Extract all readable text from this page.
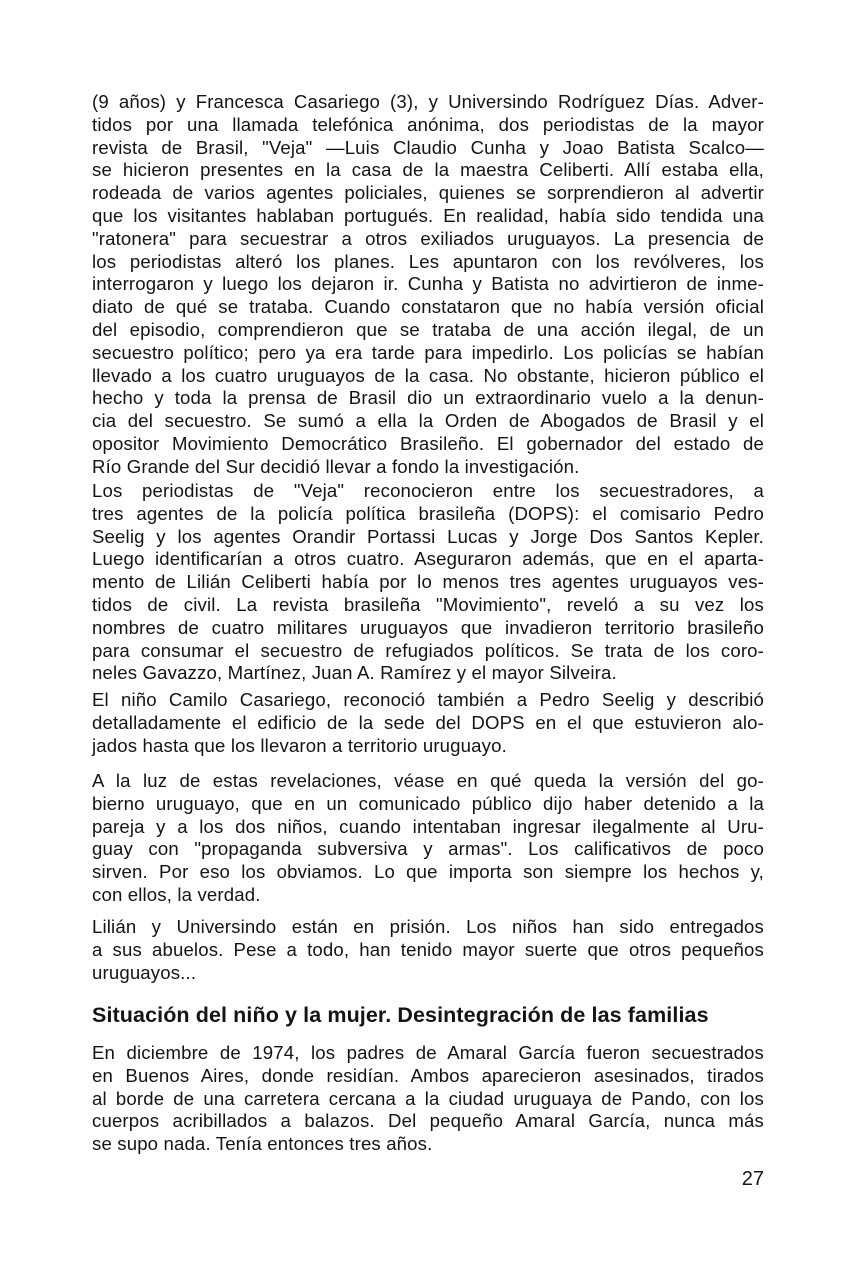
(9 años) y Francesca Casariego (3), y Universindo Rodríguez Días. Adver-
tidos por una llamada telefónica anónima, dos periodistas de la mayor
revista de Brasil, "Veja" —Luis Claudio Cunha y Joao Batista Scalco—
se hicieron presentes en la casa de la maestra Celiberti. Allí estaba ella,
rodeada de varios agentes policiales, quienes se sorprendieron al advertir
que los visitantes hablaban portugués. En realidad, había sido tendida una
"ratonera" para secuestrar a otros exiliados uruguayos. La presencia de
los periodistas alteró los planes. Les apuntaron con los revólveres, los
interrogaron y luego los dejaron ir. Cunha y Batista no advirtieron de inme-
diato de qué se trataba. Cuando constataron que no había versión oficial
del episodio, comprendieron que se trataba de una acción ilegal, de un
secuestro político; pero ya era tarde para impedirlo. Los policías se habían
llevado a los cuatro uruguayos de la casa. No obstante, hicieron público el
hecho y toda la prensa de Brasil dio un extraordinario vuelo a la denun-
cia del secuestro. Se sumó a ella la Orden de Abogados de Brasil y el
opositor Movimiento Democrático Brasileño. El gobernador del estado de
Río Grande del Sur decidió llevar a fondo la investigación.
Los periodistas de "Veja" reconocieron entre los secuestradores, a
tres agentes de la policía política brasileña (DOPS): el comisario Pedro
Seelig y los agentes Orandir Portassi Lucas y Jorge Dos Santos Kepler.
Luego identificarían a otros cuatro. Aseguraron además, que en el aparta-
mento de Lilián Celiberti había por lo menos tres agentes uruguayos ves-
tidos de civil. La revista brasileña "Movimiento", reveló a su vez los
nombres de cuatro militares uruguayos que invadieron territorio brasileño
para consumar el secuestro de refugiados políticos. Se trata de los coro-
neles Gavazzo, Martínez, Juan A. Ramírez y el mayor Silveira.
El niño Camilo Casariego, reconoció también a Pedro Seelig y describió
detalladamente el edificio de la sede del DOPS en el que estuvieron alo-
jados hasta que los llevaron a territorio uruguayo.
A la luz de estas revelaciones, véase en qué queda la versión del go-
bierno uruguayo, que en un comunicado público dijo haber detenido a la
pareja y a los dos niños, cuando intentaban ingresar ilegalmente al Uru-
guay con "propaganda subversiva y armas". Los calificativos de poco
sirven. Por eso los obviamos. Lo que importa son siempre los hechos y,
con ellos, la verdad.
Lilián y Universindo están en prisión. Los niños han sido entregados
a sus abuelos. Pese a todo, han tenido mayor suerte que otros pequeños
uruguayos...
Situación del niño y la mujer. Desintegración de las familias
En diciembre de 1974, los padres de Amaral García fueron secuestrados
en Buenos Aires, donde residían. Ambos aparecieron asesinados, tirados
al borde de una carretera cercana a la ciudad uruguaya de Pando, con los
cuerpos acribillados a balazos. Del pequeño Amaral García, nunca más
se supo nada. Tenía entonces tres años.
27
